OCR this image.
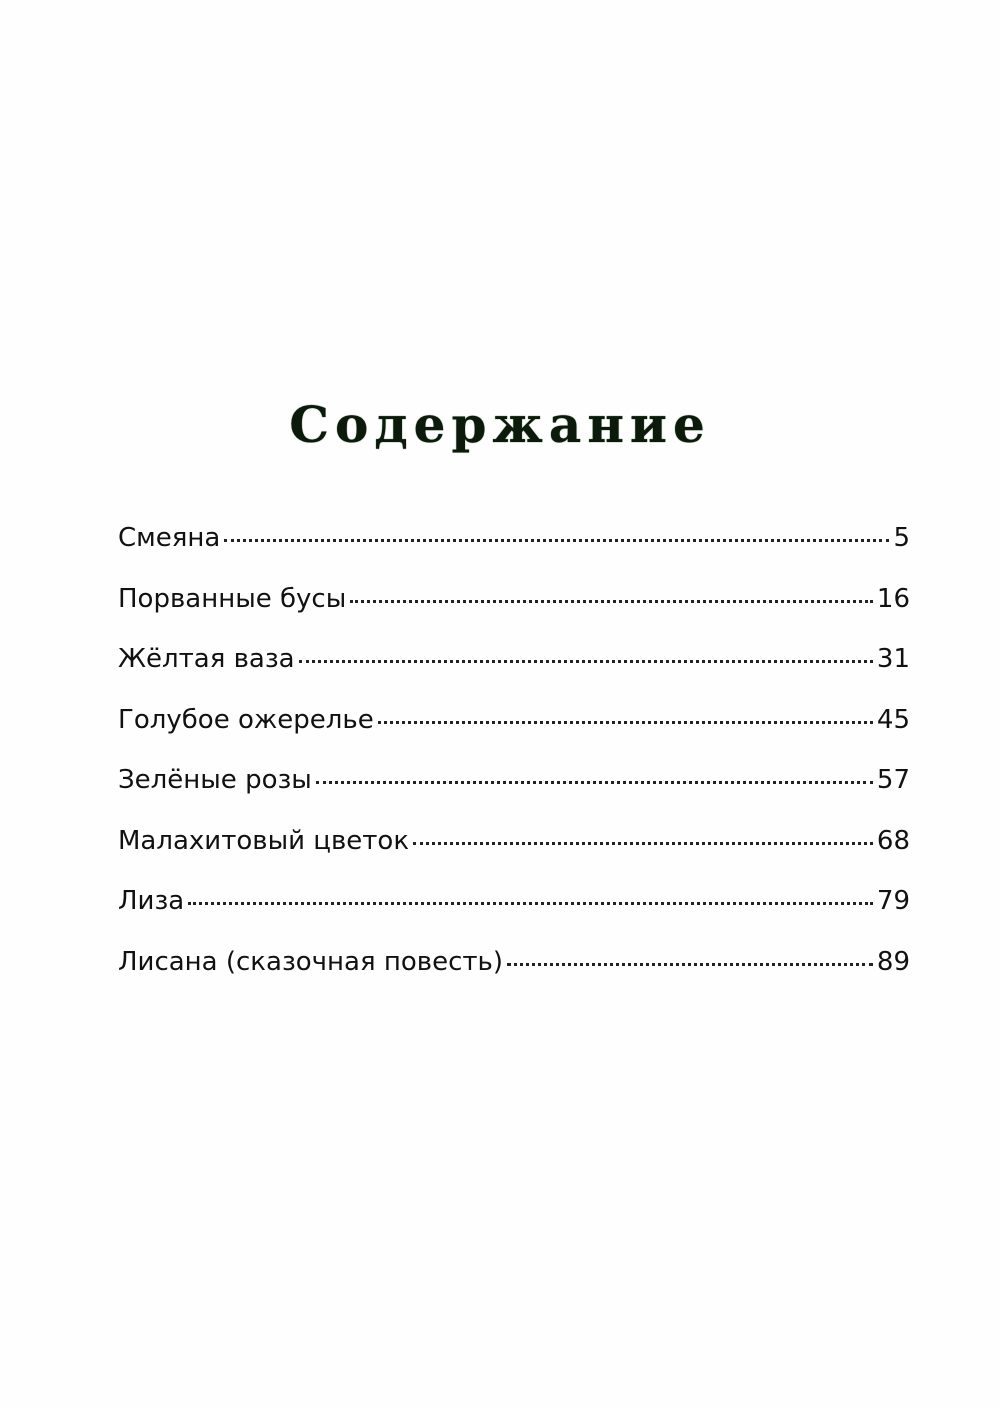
Содержание
Смеяна	5
Порванные бусы	16
Жёлтая ваза	31
Голубое ожерелье	45
Зелёные розы	57
Малахитовый цветок	68
Лиза	79
Лисана (сказочная повесть)	89
